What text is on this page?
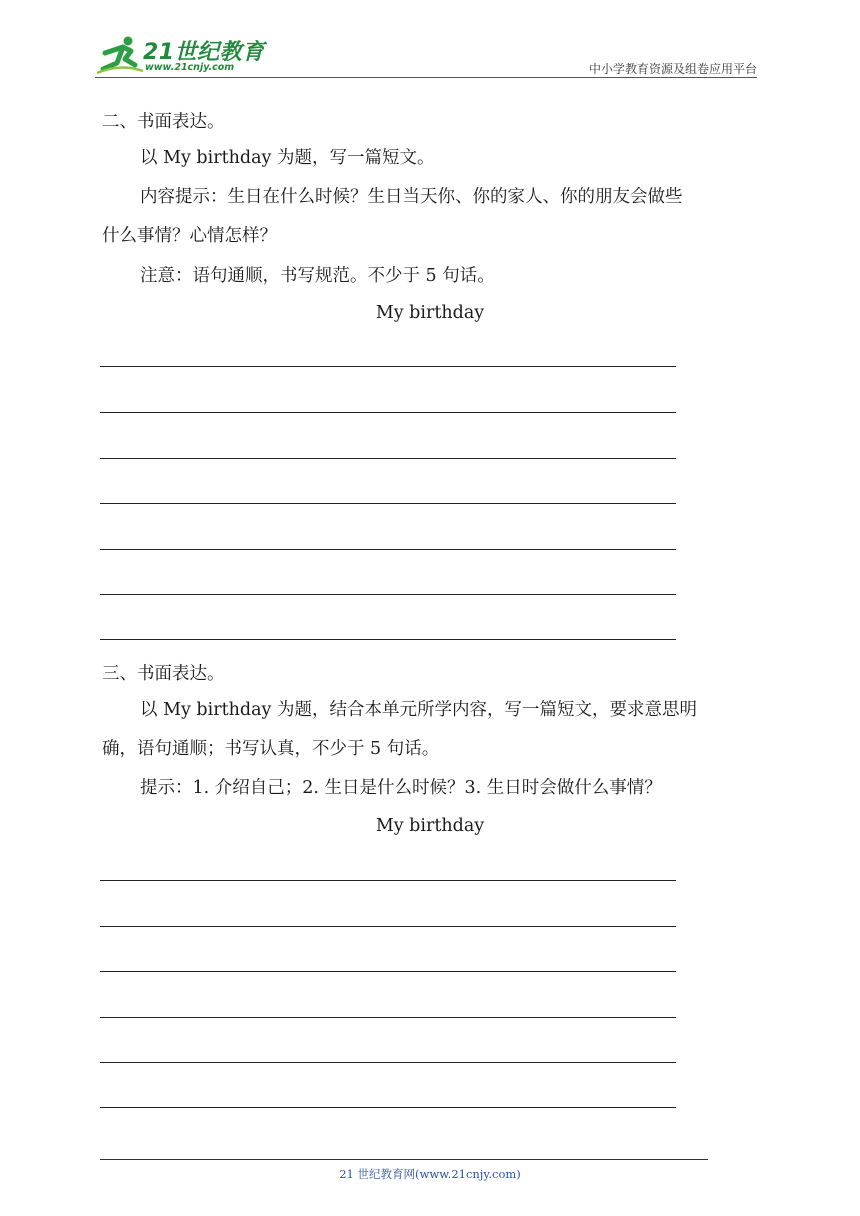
21世纪教育
www.21cnjy.com	中小学教育资源及组卷应用平台
二、书面表达。
以 My birthday 为题，写一篇短文。
内容提示：生日在什么时候？生日当天你、你的家人、你的朋友会做些
什么事情？心情怎样？
注意：语句通顺，书写规范。不少于 5 句话。
My birthday
三、书面表达。
以 My birthday 为题，结合本单元所学内容，写一篇短文，要求意思明
确，语句通顺；书写认真，不少于 5 句话。
提示：1. 介绍自己；2. 生日是什么时候？3. 生日时会做什么事情？
My birthday
21 世纪教育网(www.21cnjy.com)
